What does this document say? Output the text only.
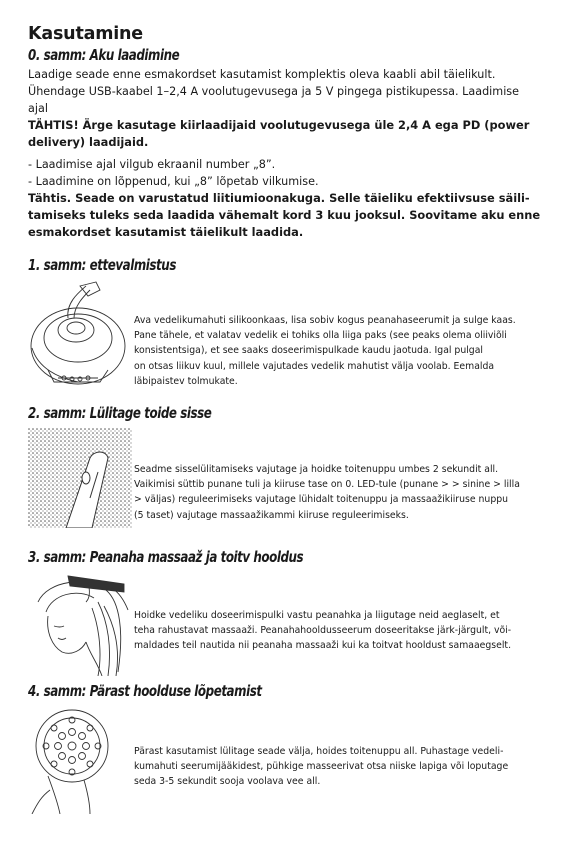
Kasutamine
0. samm: Aku laadimine

Laadige seade enne esmakordset kasutamist komplektis oleva kaabli abil täielikult.

Ühendage USB-kaabel 1–2,4 A voolutugevusega ja 5 V pingega pistikupessa. Laadimise

ajal

TÄHTIS! Ärge kasutage kiirlaadijaid voolutugevusega üle 2,4 A ega PD (power

delivery) laadijaid.

- Laadimise ajal vilgub ekraanil number „8”.

- Laadimine on lõppenud, kui „8” lõpetab vilkumise.

Tähtis. Seade on varustatud liitiumioonakuga. Selle täieliku efektiivsuse säili-

tamiseks tuleks seda laadida vähemalt kord 3 kuu jooksul. Soovitame aku enne

esmakordset kasutamist täielikult laadida.

1. samm: ettevalmistus

Ava vedelikumahuti silikoonkaas, lisa sobiv kogus peanahaseerumit ja sulge kaas.

Pane tähele, et valatav vedelik ei tohiks olla liiga paks (see peaks olema oliiviõli

konsistentsiga), et see saaks doseerimispulkade kaudu jaotuda. Igal pulgal

on otsas liikuv kuul, millele vajutades vedelik mahutist välja voolab. Eemalda

läbipaistev tolmukate.

2. samm: Lülitage toide sisse

Seadme sisselülitamiseks vajutage ja hoidke toitenuppu umbes 2 sekundit all.

Vaikimisi süttib punane tuli ja kiiruse tase on 0. LED-tule (punane > > sinine > lilla

> väljas) reguleerimiseks vajutage lühidalt toitenuppu ja massaažikiiruse nuppu

(5 taset) vajutage massaažikammi kiiruse reguleerimiseks.

3. samm: Peanaha massaaž ja toitv hooldus

Hoidke vedeliku doseerimispulki vastu peanahka ja liigutage neid aeglaselt, et

teha rahustavat massaaži. Peanahahooldusseerum doseeritakse järk-järgult, või-

maldades teil nautida nii peanaha massaaži kui ka toitvat hooldust samaaegselt.

4. samm: Pärast hoolduse lõpetamist

Pärast kasutamist lülitage seade välja, hoides toitenuppu all. Puhastage vedeli-

kumahuti seerumijääkidest, pühkige masseerivat otsa niiske lapiga või loputage

seda 3-5 sekundit sooja voolava vee all.
